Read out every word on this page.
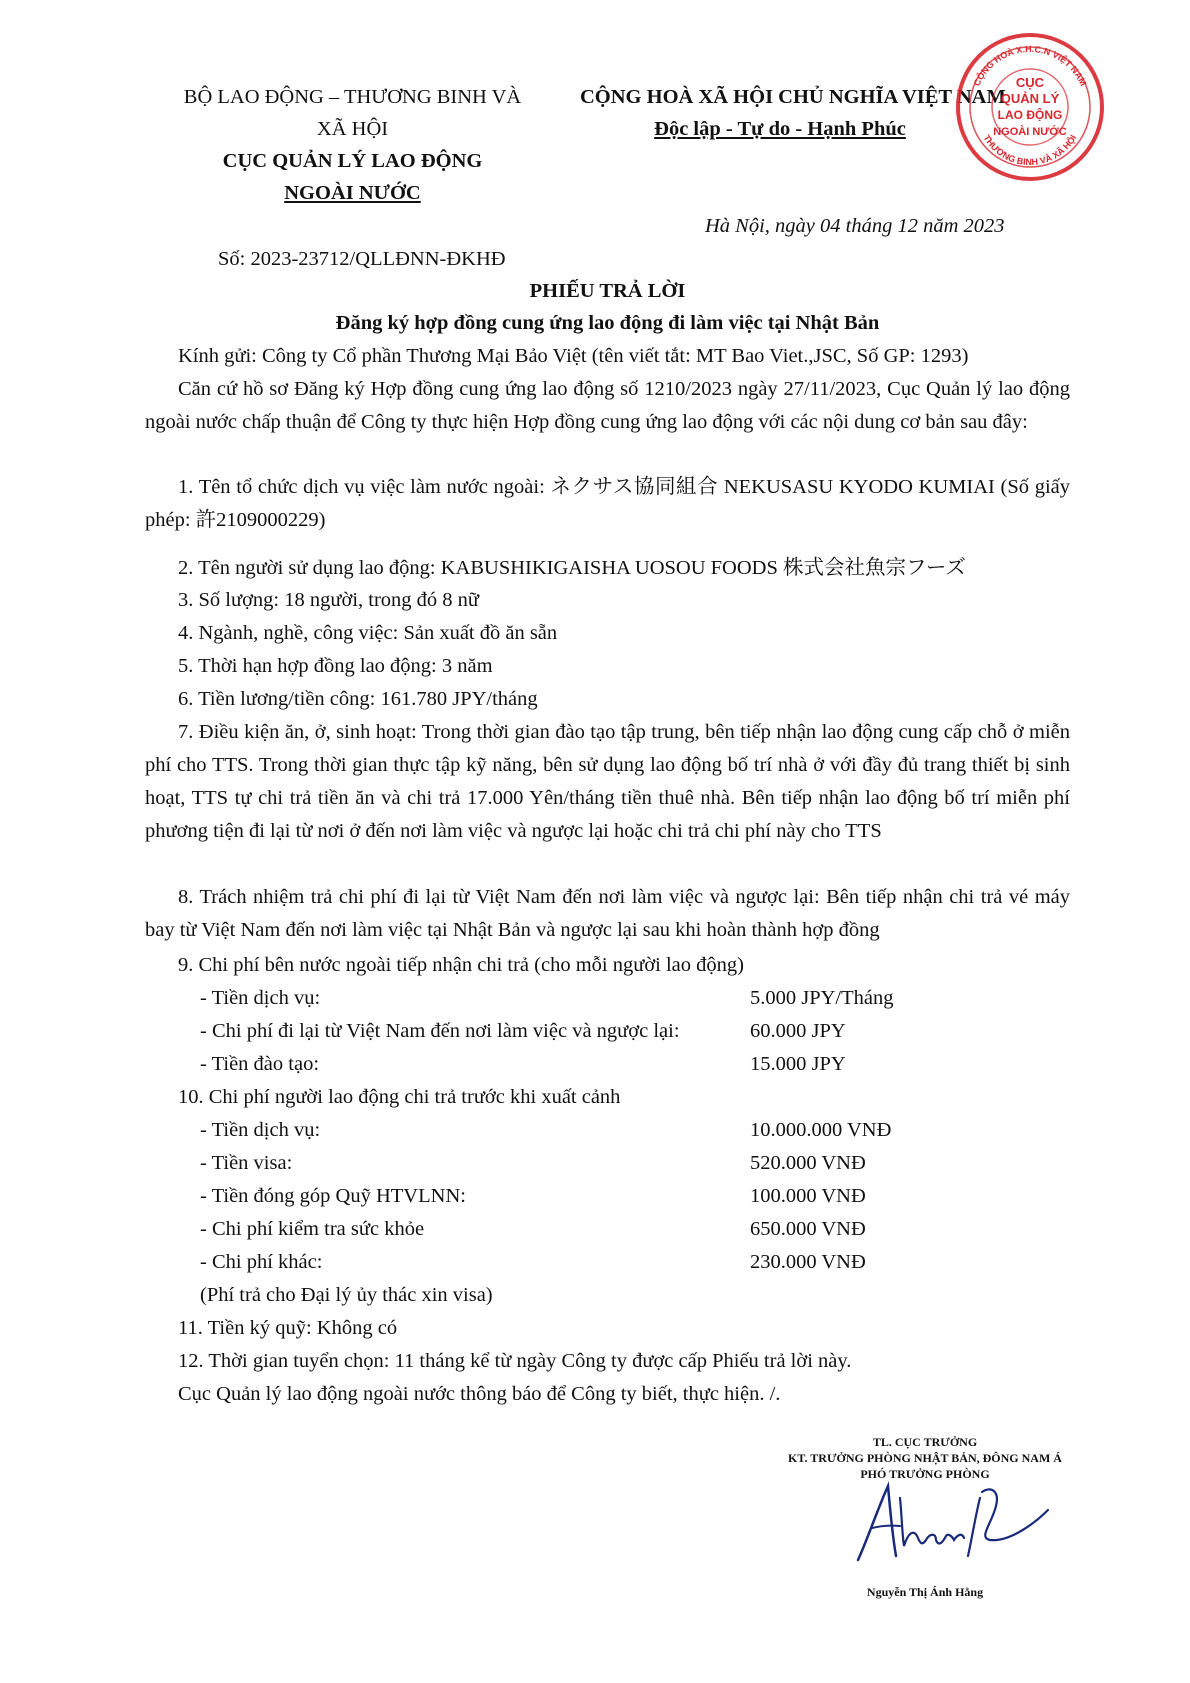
BỘ LAO ĐỘNG – THƯƠNG BINH VÀ
XÃ HỘI
CỤC QUẢN LÝ LAO ĐỘNG
NGOÀI NƯỚC
Số: 2023-23712/QLLĐNN-ĐKHĐ
CỘNG HOÀ XÃ HỘI CHỦ NGHĨA VIỆT NAM
Độc lập - Tự do - Hạnh Phúc
Hà Nội, ngày 04 tháng 12 năm 2023
CỤC
QUẢN LÝ
LAO ĐỘNG
NGOÀI NƯỚC
CỘNG HOÀ X.H.C.N VIỆT NAM
THƯƠNG BINH VÀ XÃ HỘI
PHIẾU TRẢ LỜI
Đăng ký hợp đồng cung ứng lao động đi làm việc tại Nhật Bản
Kính gửi: Công ty Cổ phần Thương Mại Bảo Việt (tên viết tắt: MT Bao Viet.,JSC, Số GP: 1293)
Căn cứ hồ sơ Đăng ký Hợp đồng cung ứng lao động số 1210/2023 ngày 27/11/2023, Cục Quản lý lao động ngoài nước chấp thuận để Công ty thực hiện Hợp đồng cung ứng lao động với các nội dung cơ bản sau đây:
1. Tên tổ chức dịch vụ việc làm nước ngoài: ネクサス協同組合 NEKUSASU KYODO KUMIAI (Số giấy phép: 許2109000229)
2. Tên người sử dụng lao động: KABUSHIKIGAISHA UOSOU FOODS 株式会社魚宗フーズ
3. Số lượng: 18 người, trong đó 8 nữ
4. Ngành, nghề, công việc: Sản xuất đồ ăn sẵn
5. Thời hạn hợp đồng lao động: 3 năm
6. Tiền lương/tiền công: 161.780 JPY/tháng
7. Điều kiện ăn, ở, sinh hoạt: Trong thời gian đào tạo tập trung, bên tiếp nhận lao động cung cấp chỗ ở miễn phí cho TTS. Trong thời gian thực tập kỹ năng, bên sử dụng lao động bố trí nhà ở với đầy đủ trang thiết bị sinh hoạt, TTS tự chi trả tiền ăn và chi trả 17.000 Yên/tháng tiền thuê nhà. Bên tiếp nhận lao động bố trí miễn phí phương tiện đi lại từ nơi ở đến nơi làm việc và ngược lại hoặc chi trả chi phí này cho TTS
8. Trách nhiệm trả chi phí đi lại từ Việt Nam đến nơi làm việc và ngược lại: Bên tiếp nhận chi trả vé máy bay từ Việt Nam đến nơi làm việc tại Nhật Bản và ngược lại sau khi hoàn thành hợp đồng
9. Chi phí bên nước ngoài tiếp nhận chi trả (cho mỗi người lao động)
- Tiền dịch vụ:	5.000 JPY/Tháng
- Chi phí đi lại từ Việt Nam đến nơi làm việc và ngược lại:	60.000 JPY
- Tiền đào tạo:	15.000 JPY
10. Chi phí người lao động chi trả trước khi xuất cảnh
- Tiền dịch vụ:	10.000.000 VNĐ
- Tiền visa:	520.000 VNĐ
- Tiền đóng góp Quỹ HTVLNN:	100.000 VNĐ
- Chi phí kiểm tra sức khỏe	650.000 VNĐ
- Chi phí khác:	230.000 VNĐ
(Phí trả cho Đại lý ủy thác xin visa)
11. Tiền ký quỹ: Không có
12. Thời gian tuyển chọn: 11 tháng kể từ ngày Công ty được cấp Phiếu trả lời này.
Cục Quản lý lao động ngoài nước thông báo để Công ty biết, thực hiện. /.
TL. CỤC TRƯỞNG
KT. TRƯỞNG PHÒNG NHẬT BẢN, ĐÔNG NAM Á
PHÓ TRƯỞNG PHÒNG
Nguyễn Thị Ánh Hằng
